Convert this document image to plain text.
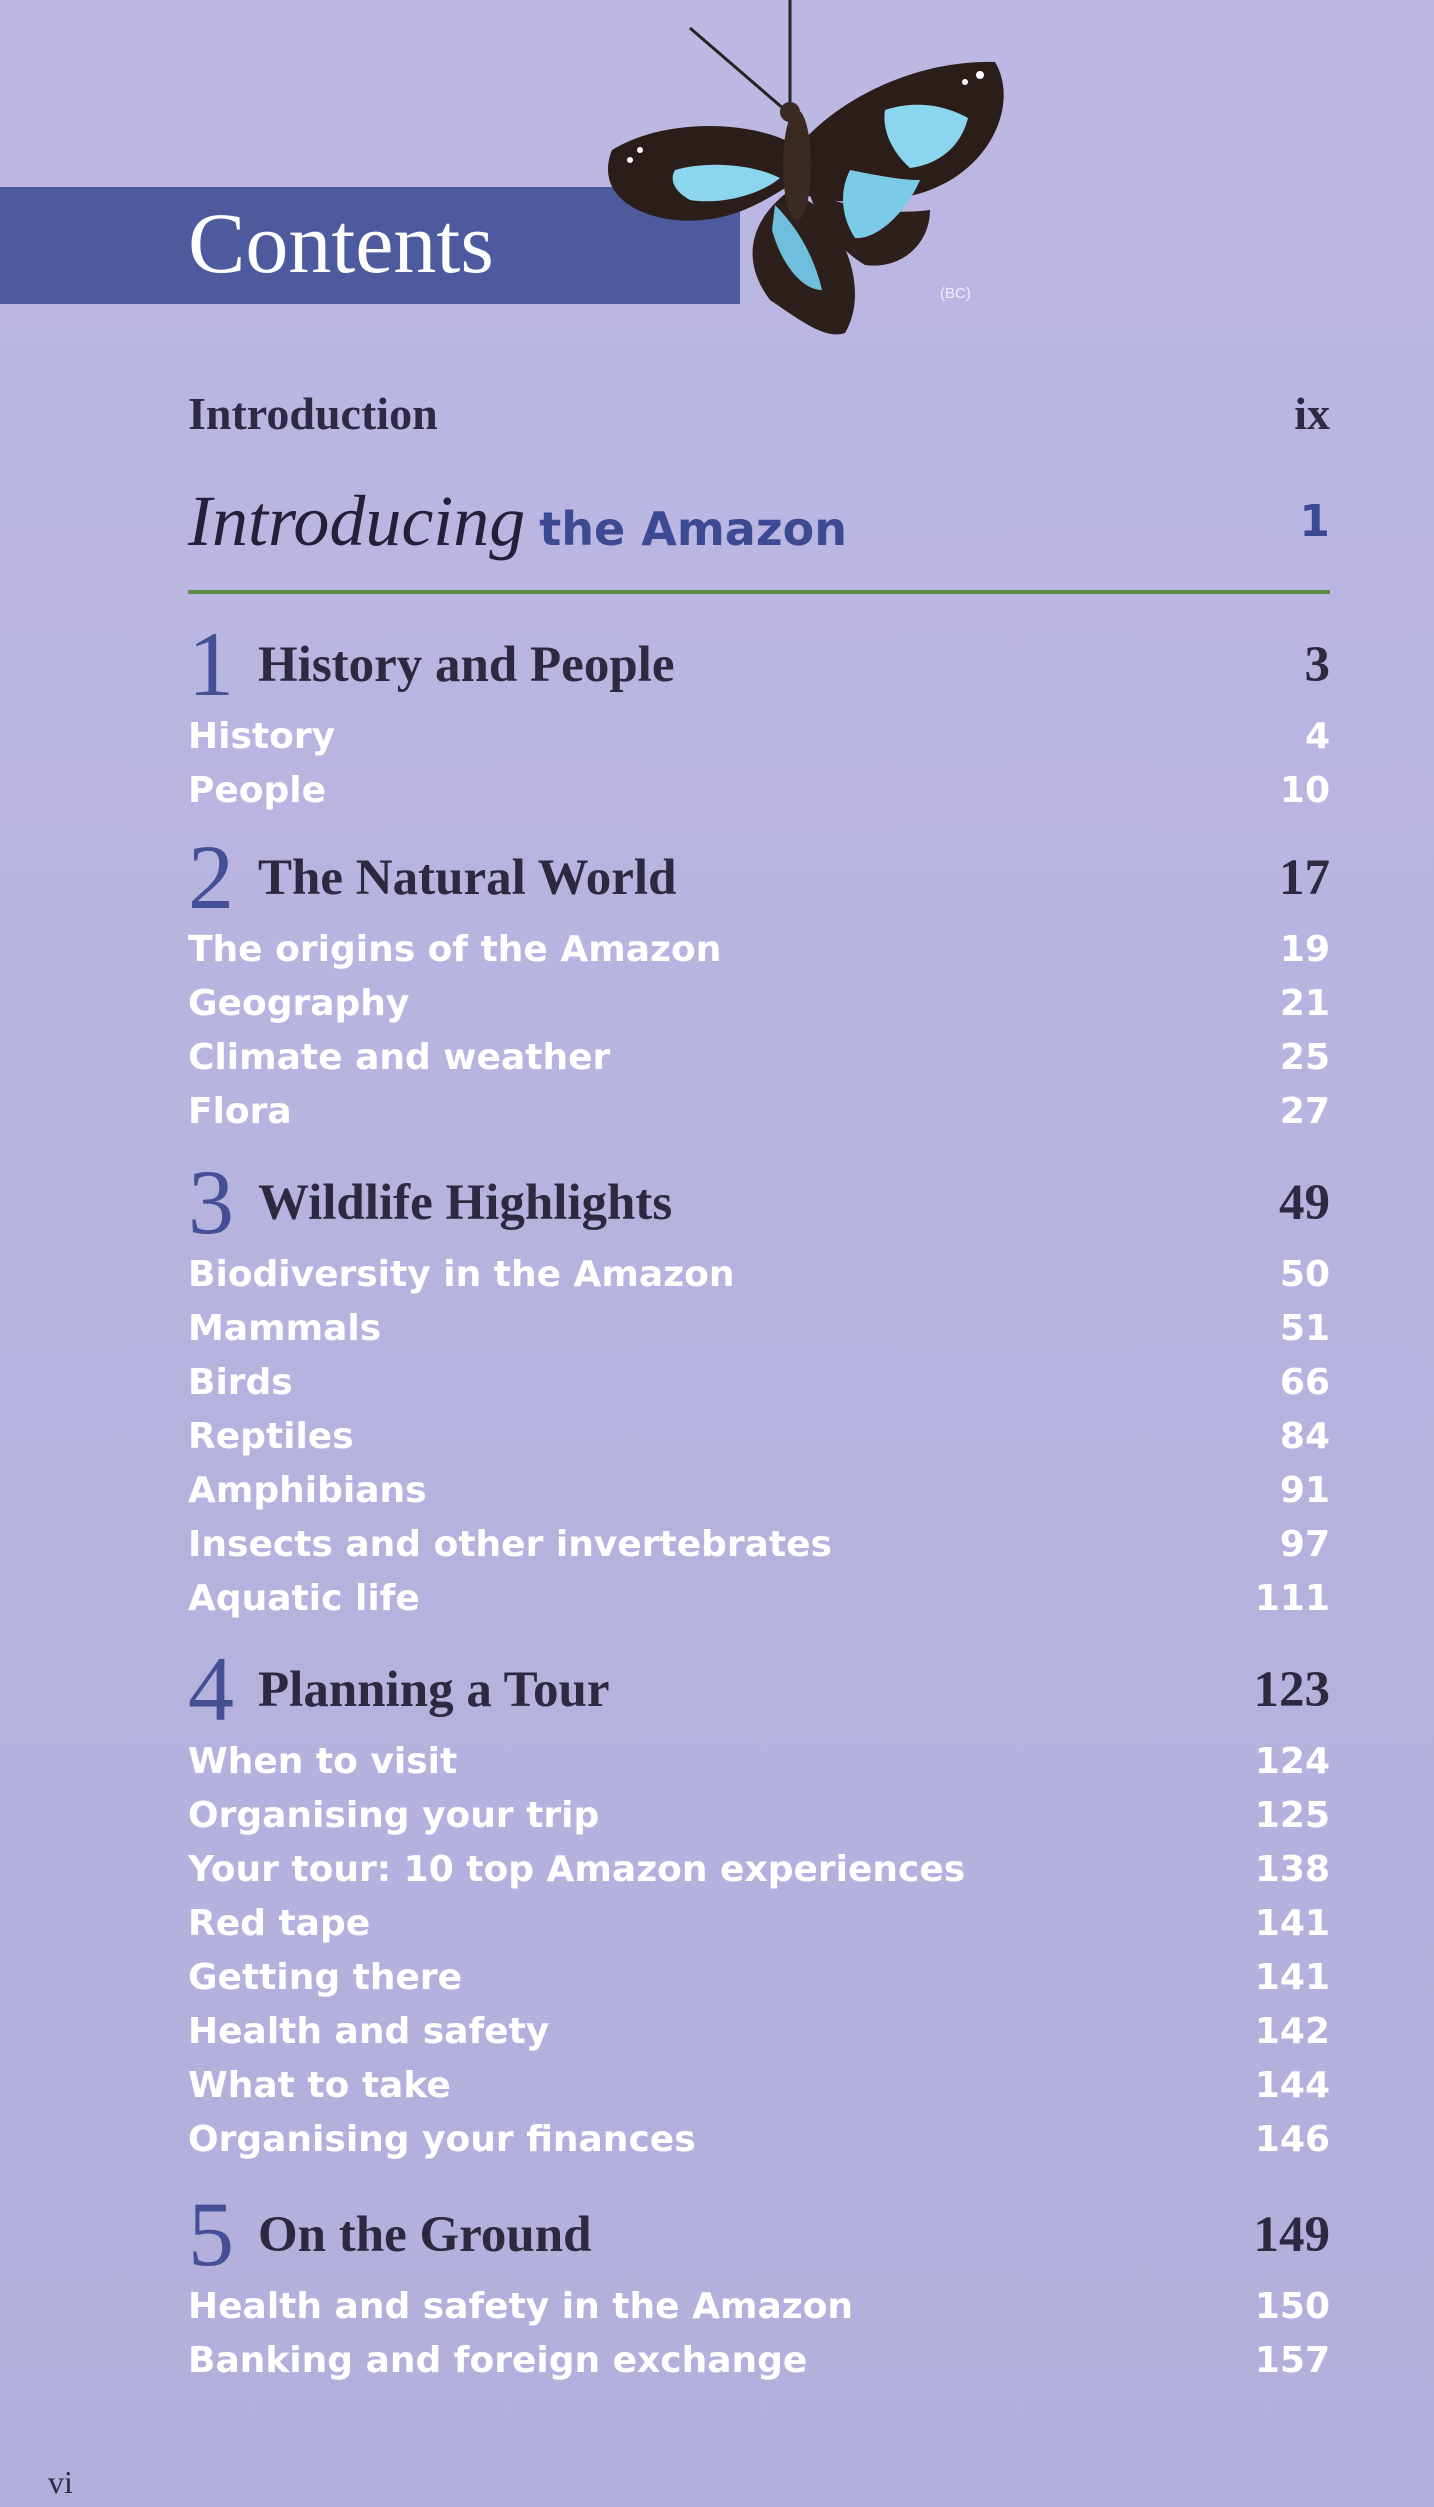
Contents
(BC)
Introduction	ix
Introducing the Amazon	1
1 History and People	3
History	4
People	10
2 The Natural World	17
The origins of the Amazon	19
Geography	21
Climate and weather	25
Flora	27
3 Wildlife Highlights	49
Biodiversity in the Amazon	50
Mammals	51
Birds	66
Reptiles	84
Amphibians	91
Insects and other invertebrates	97
Aquatic life	111
4 Planning a Tour	123
When to visit	124
Organising your trip	125
Your tour: 10 top Amazon experiences	138
Red tape	141
Getting there	141
Health and safety	142
What to take	144
Organising your finances	146
5 On the Ground	149
Health and safety in the Amazon	150
Banking and foreign exchange	157
vi
